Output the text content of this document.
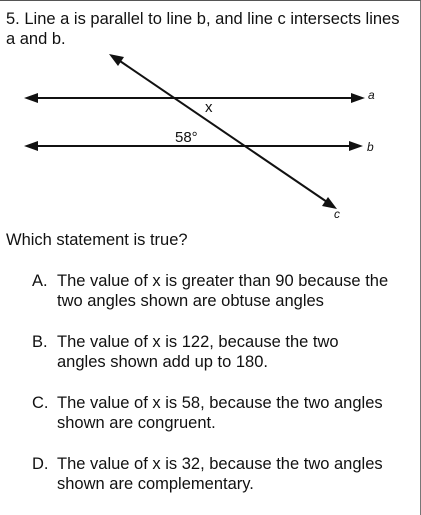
5. Line a is parallel to line b, and line c intersects lines a and b.

a
b
c
x
58°

Which statement is true?

A. The value of x is greater than 90 because the two angles shown are obtuse angles
B. The value of x is 122, because the two angles shown add up to 180.
C. The value of x is 58, because the two angles shown are congruent.
D. The value of x is 32, because the two angles shown are complementary.
